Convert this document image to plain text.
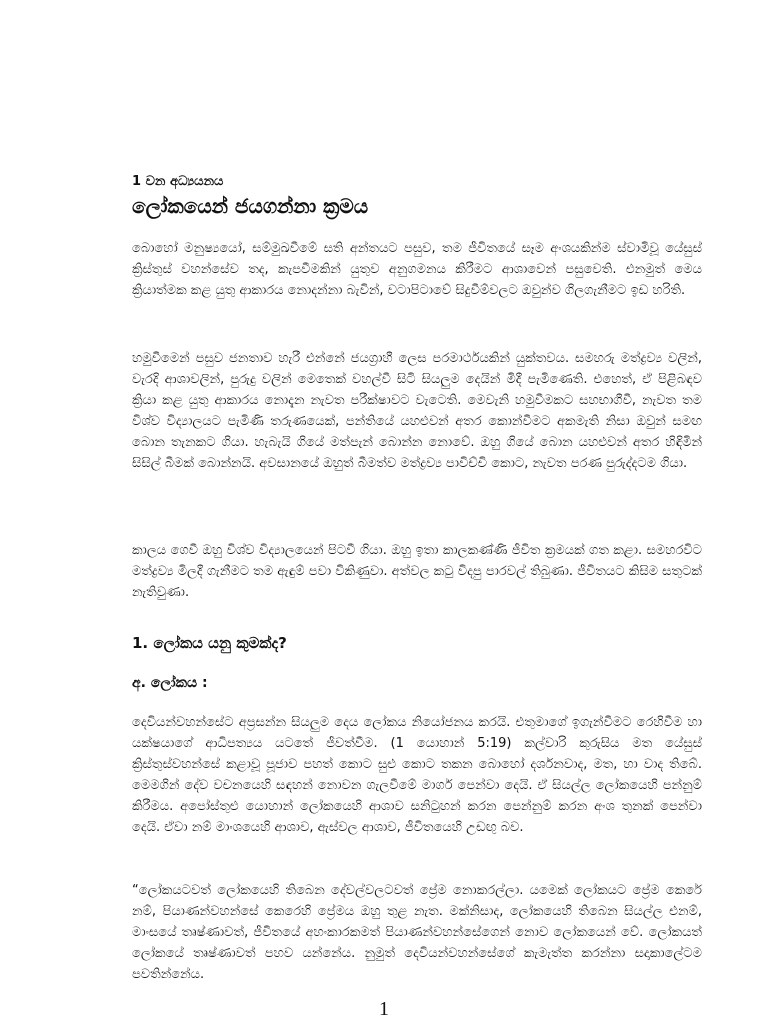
1 වන අධ්‍යයනය
ලෝකයෙන් ජයගන්නා ක්‍රමය

බොහෝ මනුෂ්‍යයෝ, සම්මුඛවීමේ සති අන්තයට පසුව, තම ජීවිතයේ සෑම අංශයකින්ම ස්වාමිවූ යේසුස් ක්‍රිස්තුස් වහන්සේව තද, කැපවීමකින් යුතුව අනුගමනය කිරීමට ආශාවෙන් පසුවෙති. එනමුත් මෙය ක්‍රියාත්මක කළ යුතු ආකාරය නොදන්නා බැවින්, වටාපිටාවේ සිදුවීම්වලට ඔවුන්ව ගිලගැනීමට ඉඩ හරිති.

හමුවීමෙන් පසුව ජනතාව හැරී එන්නේ ජයග්‍රාහී ලෙස පරමාර්ථයකින් යුක්තවය. සමහරු මත්ද්‍රව්‍ය වලින්, වැරදි ආශාවලින්, පුරුදු වලින් මෙතෙක් වහල්වී සිටි සියලුම දෙයින් මිදී පැමිණෙති. එහෙත්, ඒ පිළිබඳව ක්‍රියා කළ යුතු ආකාරය නොදැන නැවත පරීක්ෂාවට වැටෙති. මෙවැනි හමුවීමකට සහභාගීවී, නැවත තම විශ්ව විද්‍යාලයට පැමිණි තරුණයෙක්, පන්තියේ යහළුවන් අතර කොන්වීමට අකමැති නිසා ඔවුන් සමඟ බොන තැනකට ගියා. හැබැයි ගියේ මත්පැන් බොන්න නොවේ. ඔහු ගියේ බොන යහළුවන් අතර හිඳිමින් සිසිල් බීමක් බොන්නයි. අවසානයේ ඔහුත් බීමත්ව මත්ද්‍රව්‍ය පාවිච්චි කොට, නැවත පරණ පුරුද්දටම ගියා.

කාලය ගෙවී ඔහු විශ්ව විද්‍යාලයෙන් පිටවී ගියා. ඔහු ඉතා කාලකණ්ණි ජීවිත ක්‍රමයක් ගත කළා. සමහරවිට මත්ද්‍රව්‍ය මිලදී ගැනීමට තම ඇඳුම් පවා විකිණුවා. අත්වල කටු විදපු පාරවල් තිබුණා. ජීවිතයට කිසිම සතුටක් නැතිවුණා.

1. ලෝකය යනු කුමක්ද?
අ. ලෝකය :

දෙවියන්වහන්සේට අප්‍රසන්න සියලුම දෙය ලෝකය නියෝජනය කරයි. එතුමාගේ ඉගැන්වීමට රෙහිවීම හා යක්ෂයාගේ ආධිපත්‍යය යටතේ ජීවත්වීම. (1 යොහාන් 5:19) කල්වාරි කුරුසිය මත යේසුස් ක්‍රිස්තුස්වහන්සේ කළාවූ පූජාව පහත් කොට සුළු කොට තකන බොහෝ දර්ශනවාද, මත, හා වාද තිබේ. මෙමගින් දේව වචනයෙහි සඳහන් නොවන ගැලවීමේ මාර්ග පෙන්වා දෙයි. ඒ සියල්ල ලෝකයෙහි පන්නුම් කිරීමය. අපෝස්තුළු යොහාන් ලෝකයෙහි ආශාව සනිටුහන් කරන පෙන්නුම් කරන අංශ තුනක් පෙන්වා දෙයි. ඒවා නම් මාංශයෙහි ආශාව, ඇස්වල ආශාව, ජීවිතයෙහි උඩඟු බව.

“ලෝකයටවත් ලෝකයෙහි තිබෙන දේවල්වලටවත් ප්‍රේම නොකරල්ලා. යමෙක් ලෝකයට ප්‍රේම කෙරේ නම්, පියාණන්වහන්සේ කෙරෙහි ප්‍රේමය ඔහු තුළ නැත. මක්නිසාද, ලෝකයෙහි තිබෙන සියල්ල එනම්, මාංසයේ තෘෂ්ණාවත්, ජීවිතයේ අහංකාරකමත් පියාණන්වහන්සේගෙන් නොව ලෝකයෙන් වේ. ලෝකයත් ලෝකයේ තෘෂ්ණාවත් පහව යන්නේය. නුමුත් දෙවියන්වහන්සේගේ කැමැත්ත කරන්නා සදාකාලේටම පවතින්නේය.

1
